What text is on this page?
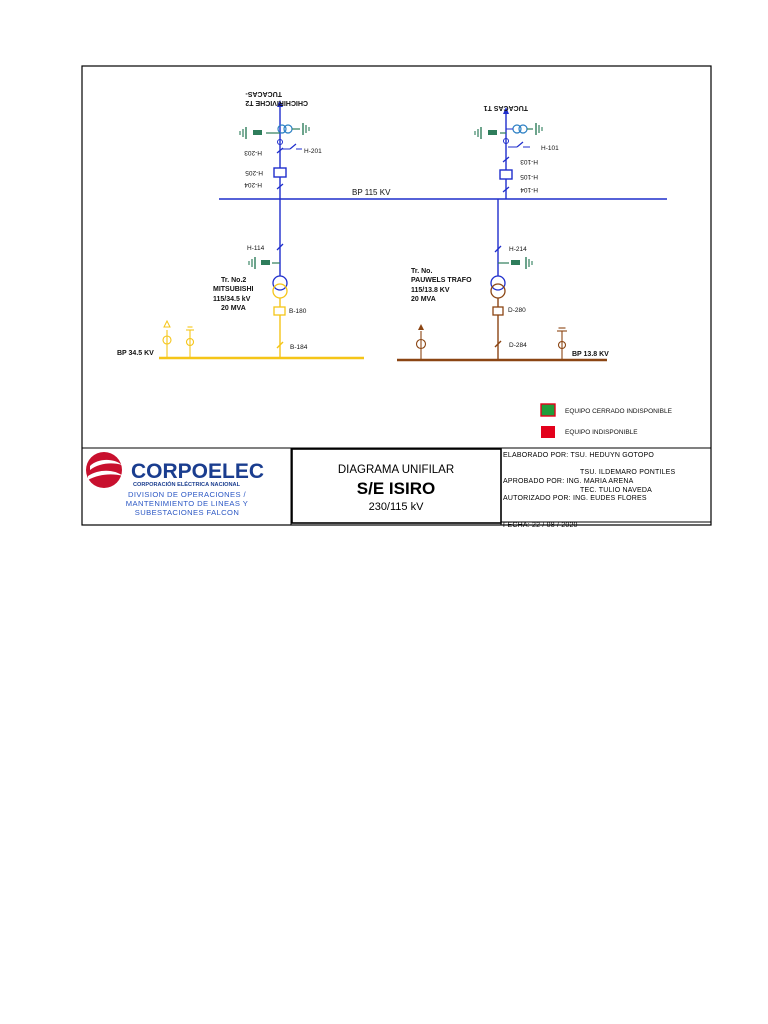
BP 115 KV
TUCACAS-
CHICHIRIVICHE T2
H-201
H-203
H-205
H-204
TUCACAS T1
H-101
H-103
H-105
H-104
H-114
Tr. No.2
MITSUBISHI
115/34.5 kV
20 MVA	B-180
B-184
BP 34.5 KV
H-214
Tr. No.
PAUWELS TRAFO
115/13.8 KV
20 MVA
D-280
D-284
BP 13.8 KV
EQUIPO CERRADO INDISPONIBLE
EQUIPO INDISPONIBLE
CORPOELEC
CORPORACIÓN ELÉCTRICA NACIONAL
DIVISION DE OPERACIONES /
MANTENIMIENTO DE LINEAS Y
SUBESTACIONES FALCON
DIAGRAMA UNIFILAR
S/E ISIRO
230/115 kV
ELABORADO POR: TSU. HEDUYN GOTOPO
TSU. ILDEMARO PONTILES
APROBADO POR: ING. MARIA ARENA
TEC. TULIO NAVEDA
AUTORIZADO POR: ING. EUDES FLORES
FECHA: 22 / 08 / 2020
